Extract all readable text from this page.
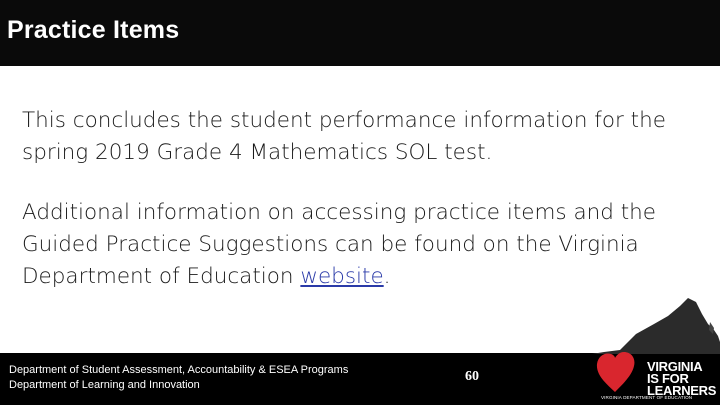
Practice Items

This concludes the student performance information for the spring 2019 Grade 4 Mathematics SOL test.

Additional information on accessing practice items and the Guided Practice Suggestions can be found on the Virginia Department of Education website.

Department of Student Assessment, Accountability & ESEA Programs
Department of Learning and Innovation
60
VIRGINIA
IS FOR
LEARNERS
VIRGINIA DEPARTMENT OF EDUCATION
